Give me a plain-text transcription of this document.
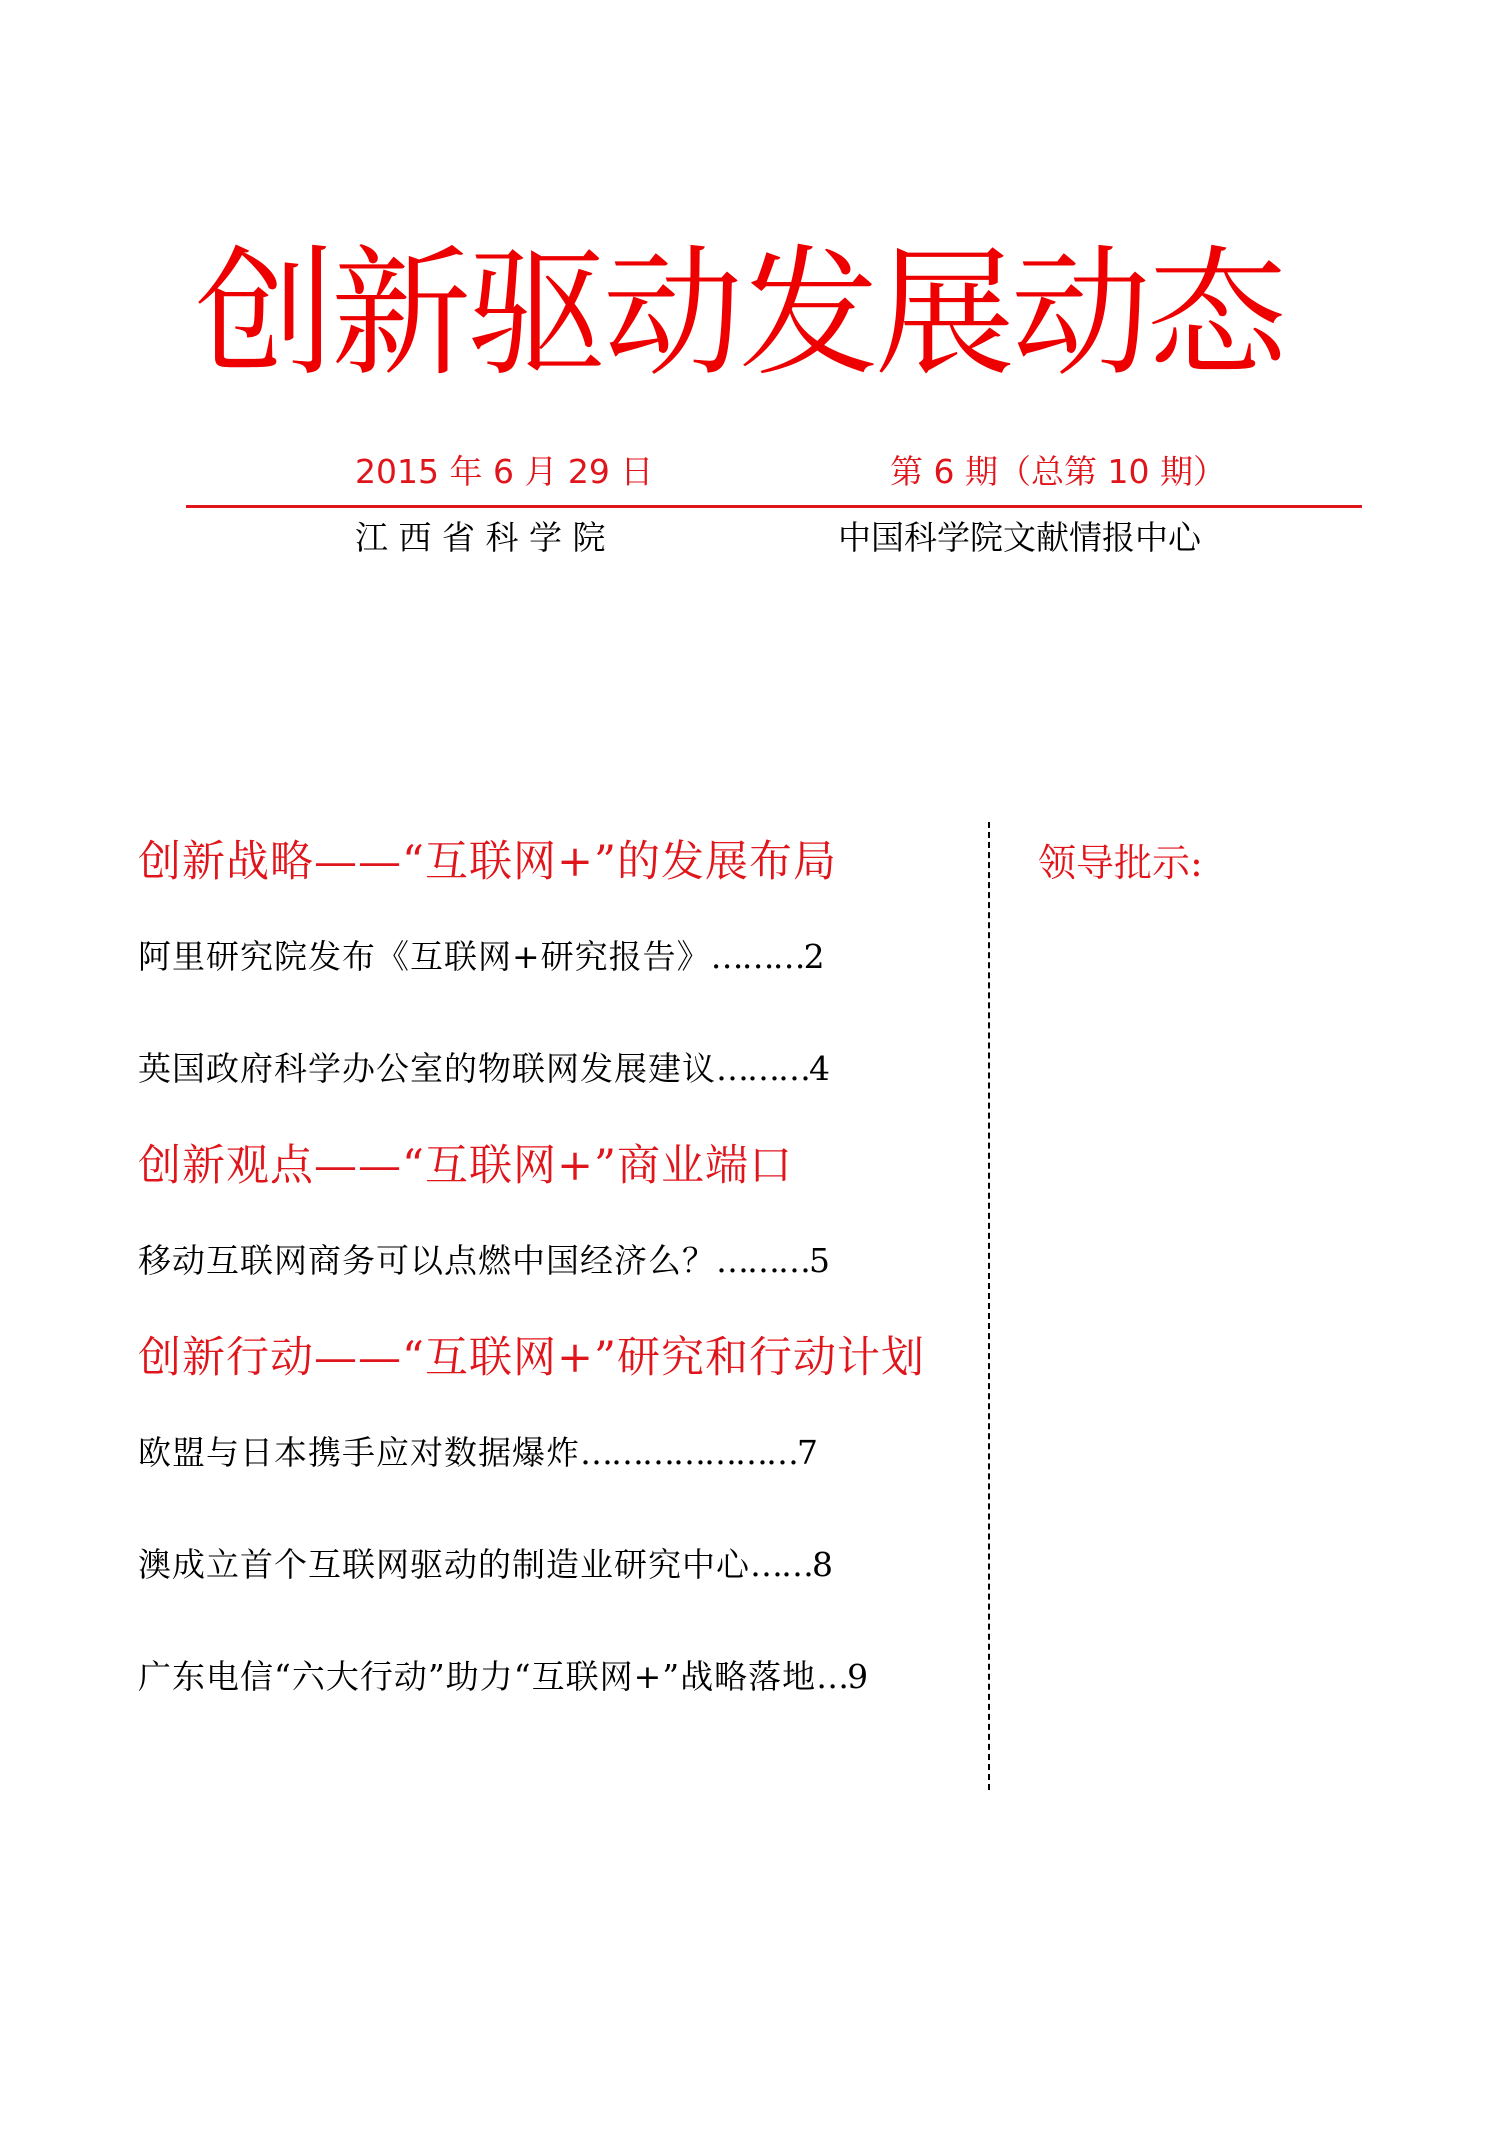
创新驱动发展动态
2015 年 6 月 29 日	第 6 期（总第 10 期）
江 西 省 科 学 院	中国科学院文献情报中心
创新战略——“互联网+”的发展布局
阿里研究院发布《互联网+研究报告》 ……… 2
英国政府科学办公室的物联网发展建议 ……… 4
创新观点——“互联网+”商业端口
移动互联网商务可以点燃中国经济么？ ……… 5
创新行动——“互联网+”研究和行动计划
欧盟与日本携手应对数据爆炸 ………………… 7
澳成立首个互联网驱动的制造业研究中心 …… 8
广东电信“六大行动”助力“互联网+”战略落地 … 9
领导批示:
